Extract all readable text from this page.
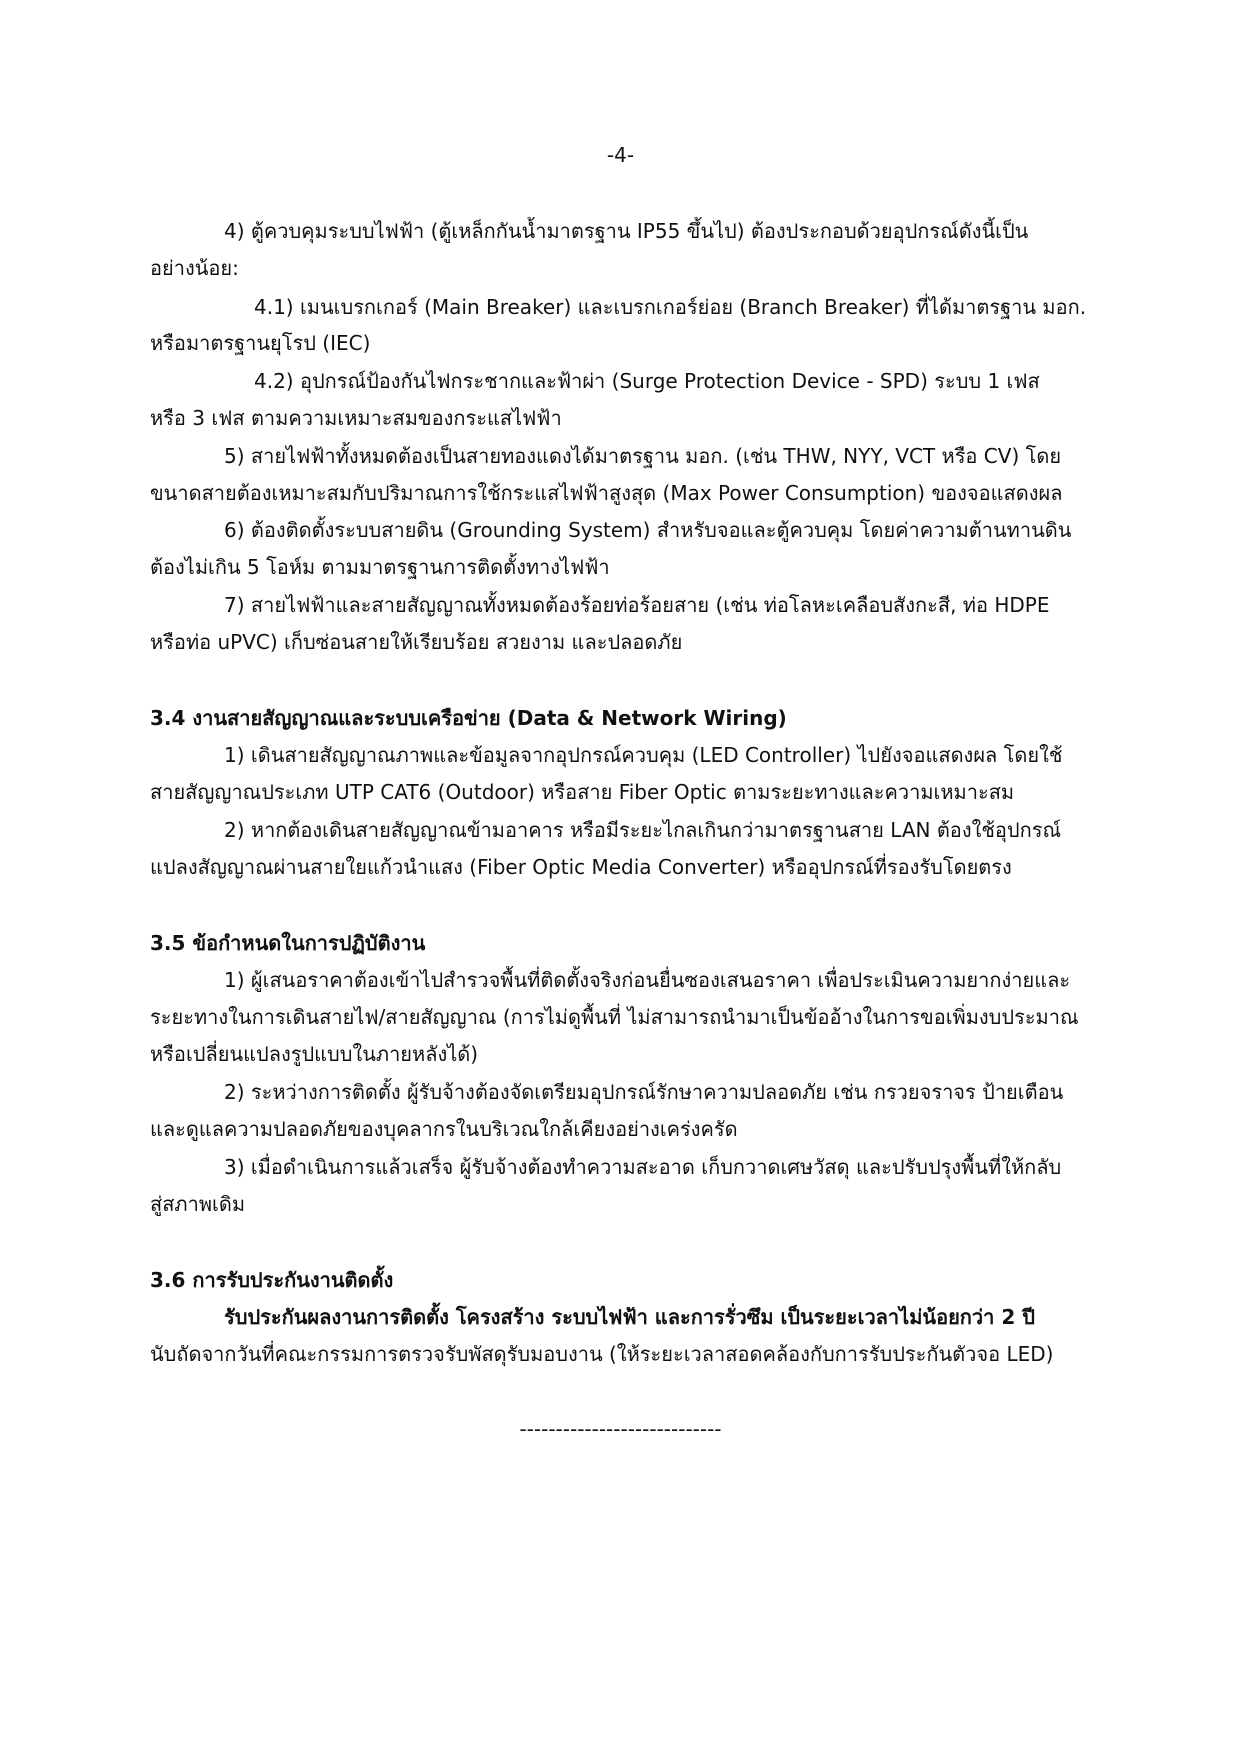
-4-
4) ตู้ควบคุมระบบไฟฟ้า (ตู้เหล็กกันน้ำมาตรฐาน IP55 ขึ้นไป) ต้องประกอบด้วยอุปกรณ์ดังนี้เป็น
อย่างน้อย:
4.1) เมนเบรกเกอร์ (Main Breaker) และเบรกเกอร์ย่อย (Branch Breaker) ที่ได้มาตรฐาน มอก.
หรือมาตรฐานยุโรป (IEC)
4.2) อุปกรณ์ป้องกันไฟกระชากและฟ้าผ่า (Surge Protection Device - SPD) ระบบ 1 เฟส
หรือ 3 เฟส ตามความเหมาะสมของกระแสไฟฟ้า
5) สายไฟฟ้าทั้งหมดต้องเป็นสายทองแดงได้มาตรฐาน มอก. (เช่น THW, NYY, VCT หรือ CV) โดย
ขนาดสายต้องเหมาะสมกับปริมาณการใช้กระแสไฟฟ้าสูงสุด (Max Power Consumption) ของจอแสดงผล
6) ต้องติดตั้งระบบสายดิน (Grounding System) สำหรับจอและตู้ควบคุม โดยค่าความต้านทานดิน
ต้องไม่เกิน 5 โอห์ม ตามมาตรฐานการติดตั้งทางไฟฟ้า
7) สายไฟฟ้าและสายสัญญาณทั้งหมดต้องร้อยท่อร้อยสาย (เช่น ท่อโลหะเคลือบสังกะสี, ท่อ HDPE
หรือท่อ uPVC) เก็บซ่อนสายให้เรียบร้อย สวยงาม และปลอดภัย
3.4 งานสายสัญญาณและระบบเครือข่าย (Data & Network Wiring)
1) เดินสายสัญญาณภาพและข้อมูลจากอุปกรณ์ควบคุม (LED Controller) ไปยังจอแสดงผล โดยใช้
สายสัญญาณประเภท UTP CAT6 (Outdoor) หรือสาย Fiber Optic ตามระยะทางและความเหมาะสม
2) หากต้องเดินสายสัญญาณข้ามอาคาร หรือมีระยะไกลเกินกว่ามาตรฐานสาย LAN ต้องใช้อุปกรณ์
แปลงสัญญาณผ่านสายใยแก้วนำแสง (Fiber Optic Media Converter) หรืออุปกรณ์ที่รองรับโดยตรง
3.5 ข้อกำหนดในการปฏิบัติงาน
1) ผู้เสนอราคาต้องเข้าไปสำรวจพื้นที่ติดตั้งจริงก่อนยื่นซองเสนอราคา เพื่อประเมินความยากง่ายและ
ระยะทางในการเดินสายไฟ/สายสัญญาณ (การไม่ดูพื้นที่ ไม่สามารถนำมาเป็นข้ออ้างในการขอเพิ่มงบประมาณ
หรือเปลี่ยนแปลงรูปแบบในภายหลังได้)
2) ระหว่างการติดตั้ง ผู้รับจ้างต้องจัดเตรียมอุปกรณ์รักษาความปลอดภัย เช่น กรวยจราจร ป้ายเตือน
และดูแลความปลอดภัยของบุคลากรในบริเวณใกล้เคียงอย่างเคร่งครัด
3) เมื่อดำเนินการแล้วเสร็จ ผู้รับจ้างต้องทำความสะอาด เก็บกวาดเศษวัสดุ และปรับปรุงพื้นที่ให้กลับ
สู่สภาพเดิม
3.6 การรับประกันงานติดตั้ง
รับประกันผลงานการติดตั้ง โครงสร้าง ระบบไฟฟ้า และการรั่วซึม เป็นระยะเวลาไม่น้อยกว่า 2 ปี
นับถัดจากวันที่คณะกรรมการตรวจรับพัสดุรับมอบงาน (ให้ระยะเวลาสอดคล้องกับการรับประกันตัวจอ LED)
----------------------------
